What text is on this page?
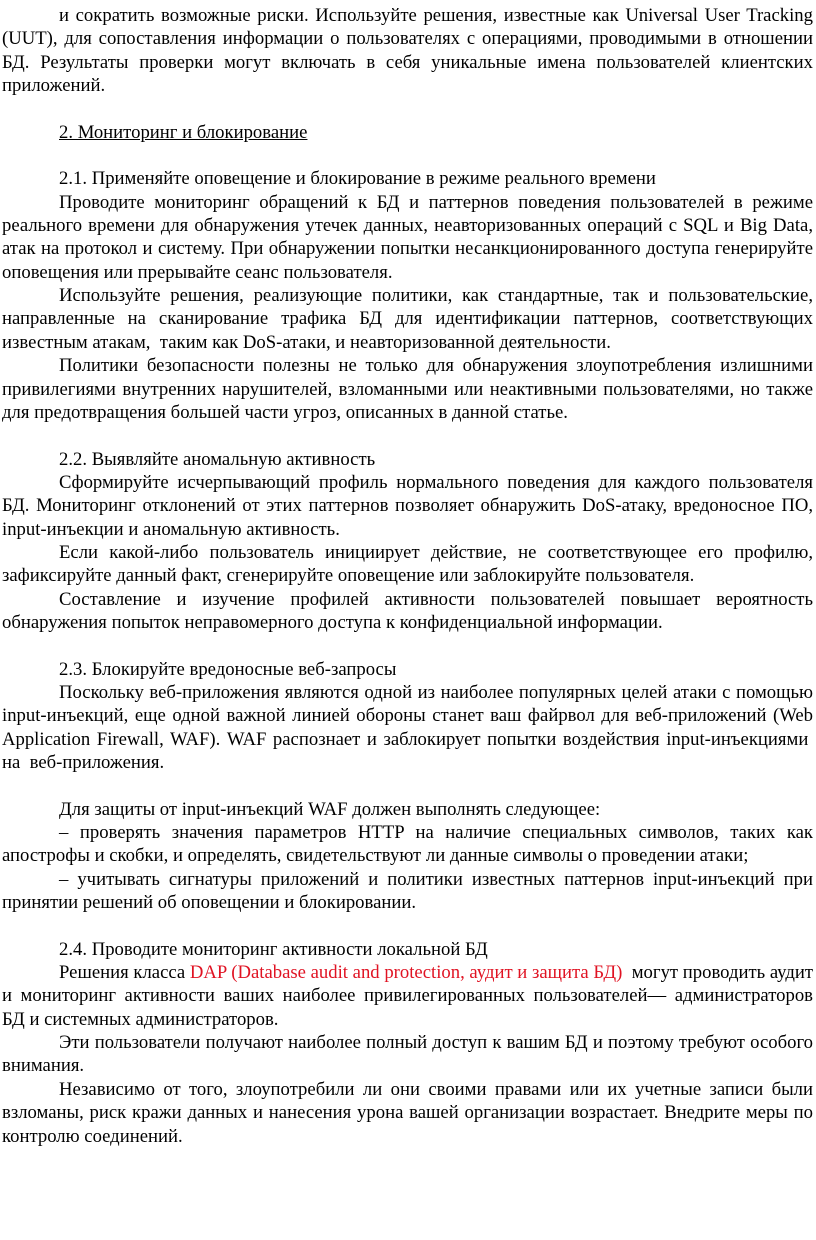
и сократить возможные риски. Используйте решения, известные как Universal User Tracking (UUT), для сопоставления информации о пользователях с операциями, проводимыми в отношении БД. Результаты проверки могут включать в себя уникальные имена пользователей клиентских приложений.

2. Мониторинг и блокирование

2.1. Применяйте оповещение и блокирование в режиме реального времени

Проводите мониторинг обращений к БД и паттернов поведения пользователей в режиме реального времени для обнаружения утечек данных, неавторизованных операций с SQL и Big Data, атак на протокол и систему. При обнаружении попытки несанкционированного доступа генерируйте оповещения или прерывайте сеанс пользователя.

Используйте решения, реализующие политики, как стандартные, так и пользовательские, направленные на сканирование трафика БД для идентификации паттернов, соответствующих известным атакам,  таким как DoS-атаки, и неавторизованной деятельности.

Политики безопасности полезны не только для обнаружения злоупотребления излишними привилегиями внутренних нарушителей, взломанными или неактивными пользователями, но также для предотвращения большей части угроз, описанных в данной статье.

2.2. Выявляйте аномальную активность

Сформируйте исчерпывающий профиль нормального поведения для каждого пользователя БД. Мониторинг отклонений от этих паттернов позволяет обнаружить DoS-атаку, вредоносное ПО, input-инъекции и аномальную активность.

Если какой-либо пользователь инициирует действие, не соответствующее его профилю, зафиксируйте данный факт, сгенерируйте оповещение или заблокируйте пользователя.

Составление и изучение профилей активности пользователей повышает вероятность обнаружения попыток неправомерного доступа к конфиденциальной информации.

2.3. Блокируйте вредоносные веб-запросы

Поскольку веб-приложения являются одной из наиболее популярных целей атаки с помощью input-инъекций, еще одной важной линией обороны станет ваш файрвол для веб-приложений (Web Application Firewall, WAF). WAF распознает и заблокирует попытки воздействия input-инъекциями  на  веб-приложения.

Для защиты от input-инъекций WAF должен выполнять следующее:

– проверять значения параметров HTTP на наличие специальных символов, таких как апострофы и скобки, и определять, свидетельствуют ли данные символы о проведении атаки;

– учитывать сигнатуры приложений и политики известных паттернов input-инъекций при принятии решений об оповещении и блокировании.

2.4. Проводите мониторинг активности локальной БД

Решения класса DAP (Database audit and protection, аудит и защита БД)  могут проводить аудит и мониторинг активности ваших наиболее привилегированных пользователей— администраторов БД и системных администраторов.

Эти пользователи получают наиболее полный доступ к вашим БД и поэтому требуют особого внимания.

Независимо от того, злоупотребили ли они своими правами или их учетные записи были взломаны, риск кражи данных и нанесения урона вашей организации возрастает. Внедрите меры по контролю соединений.
